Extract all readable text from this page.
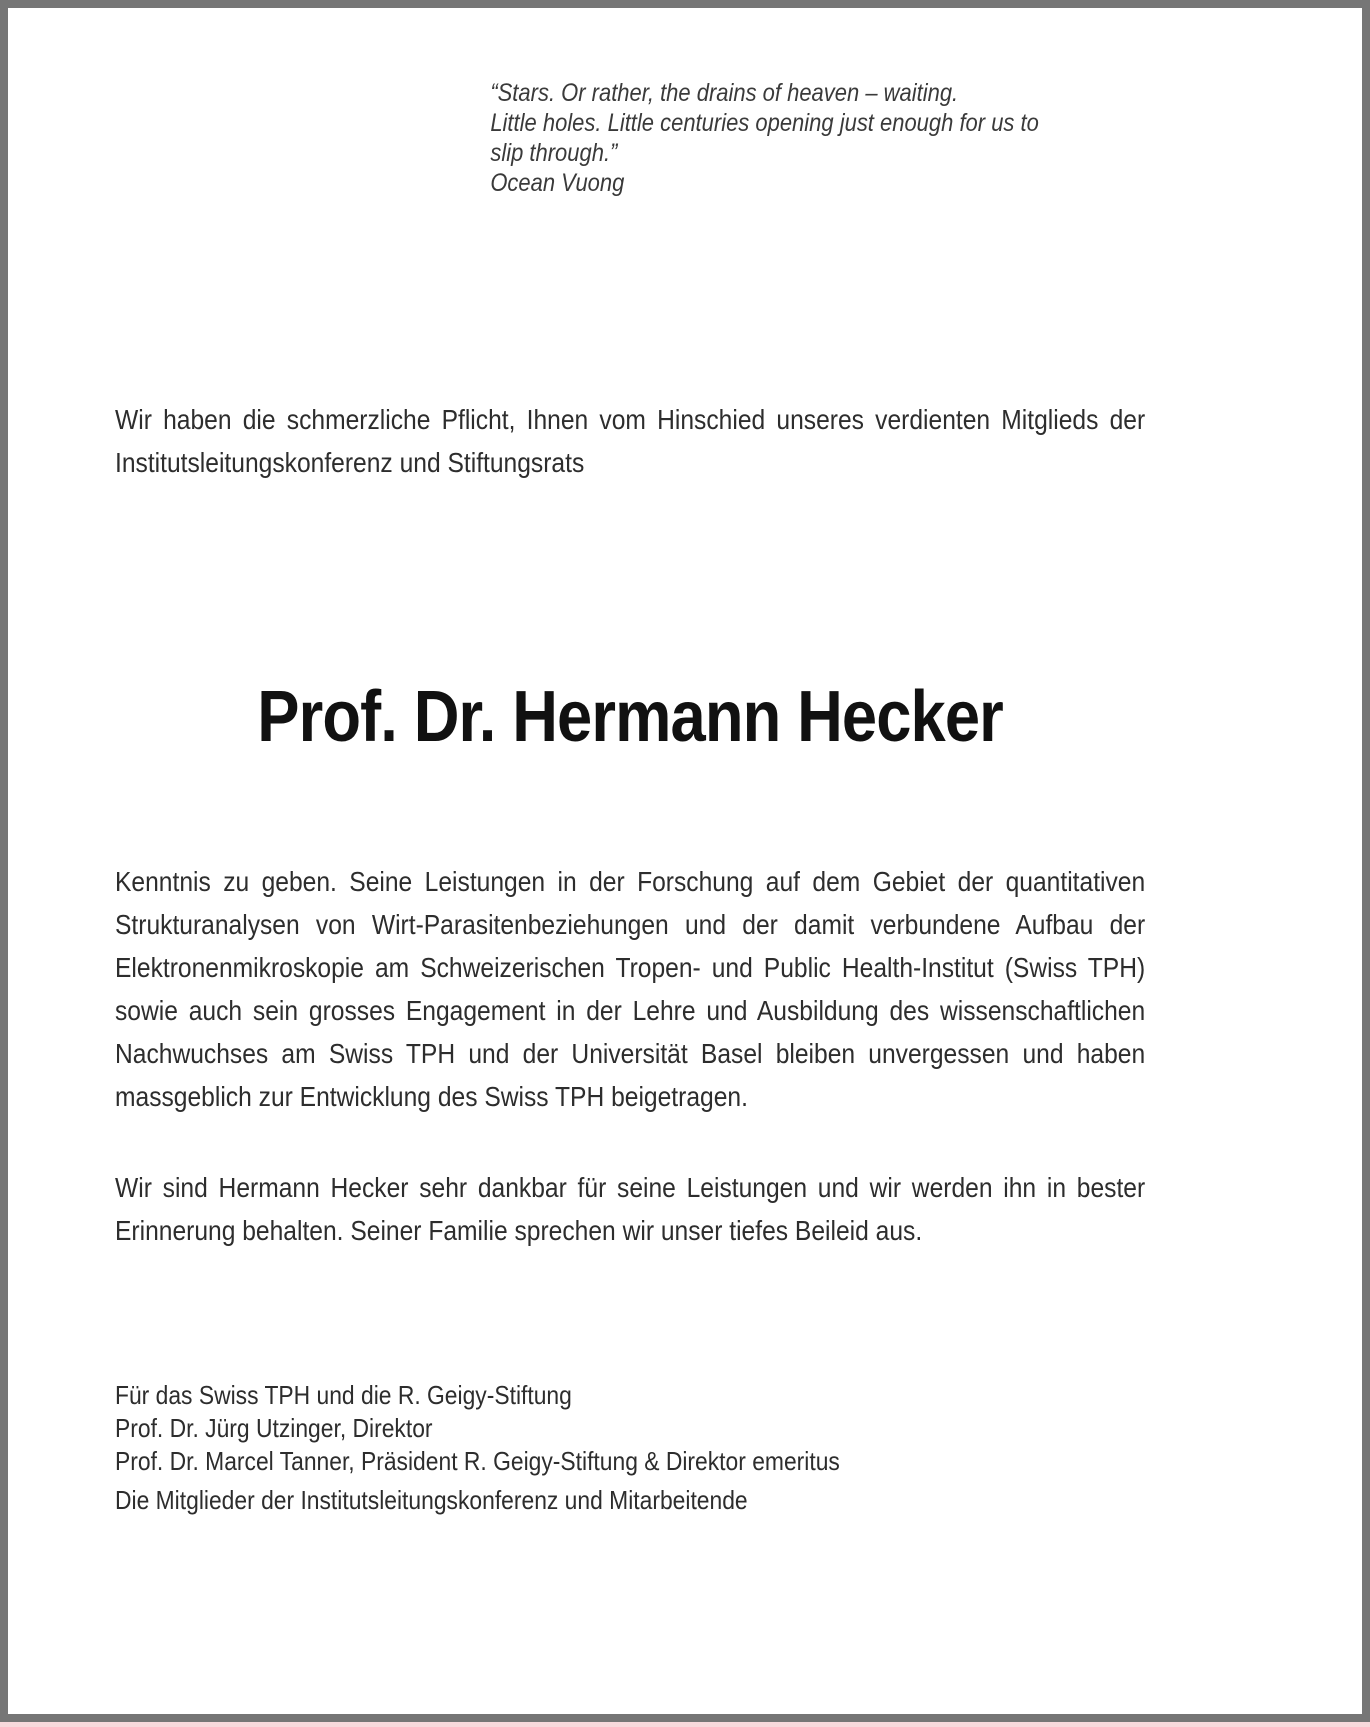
“Stars. Or rather, the drains of heaven – waiting.
Little holes. Little centuries opening just enough for us to
slip through.”
Ocean Vuong

Wir haben die schmerzliche Pflicht, Ihnen vom Hinschied unseres verdienten Mitglieds der Institutsleitungskonferenz und Stiftungsrats

Prof. Dr. Hermann Hecker

Kenntnis zu geben. Seine Leistungen in der Forschung auf dem Gebiet der quantitativen Strukturanalysen von Wirt-Parasitenbeziehungen und der damit verbundene Aufbau der Elektronenmikroskopie am Schweizerischen Tropen- und Public Health-Institut (Swiss TPH) sowie auch sein grosses Engagement in der Lehre und Ausbildung des wissenschaftlichen Nachwuchses am Swiss TPH und der Universität Basel bleiben unvergessen und haben massgeblich zur Entwicklung des Swiss TPH beigetragen.

Wir sind Hermann Hecker sehr dankbar für seine Leistungen und wir werden ihn in bester Erinnerung behalten. Seiner Familie sprechen wir unser tiefes Beileid aus.

Für das Swiss TPH und die R. Geigy-Stiftung

Prof. Dr. Jürg Utzinger, Direktor

Prof. Dr. Marcel Tanner, Präsident R. Geigy-Stiftung & Direktor emeritus

Die Mitglieder der Institutsleitungskonferenz und Mitarbeitende
